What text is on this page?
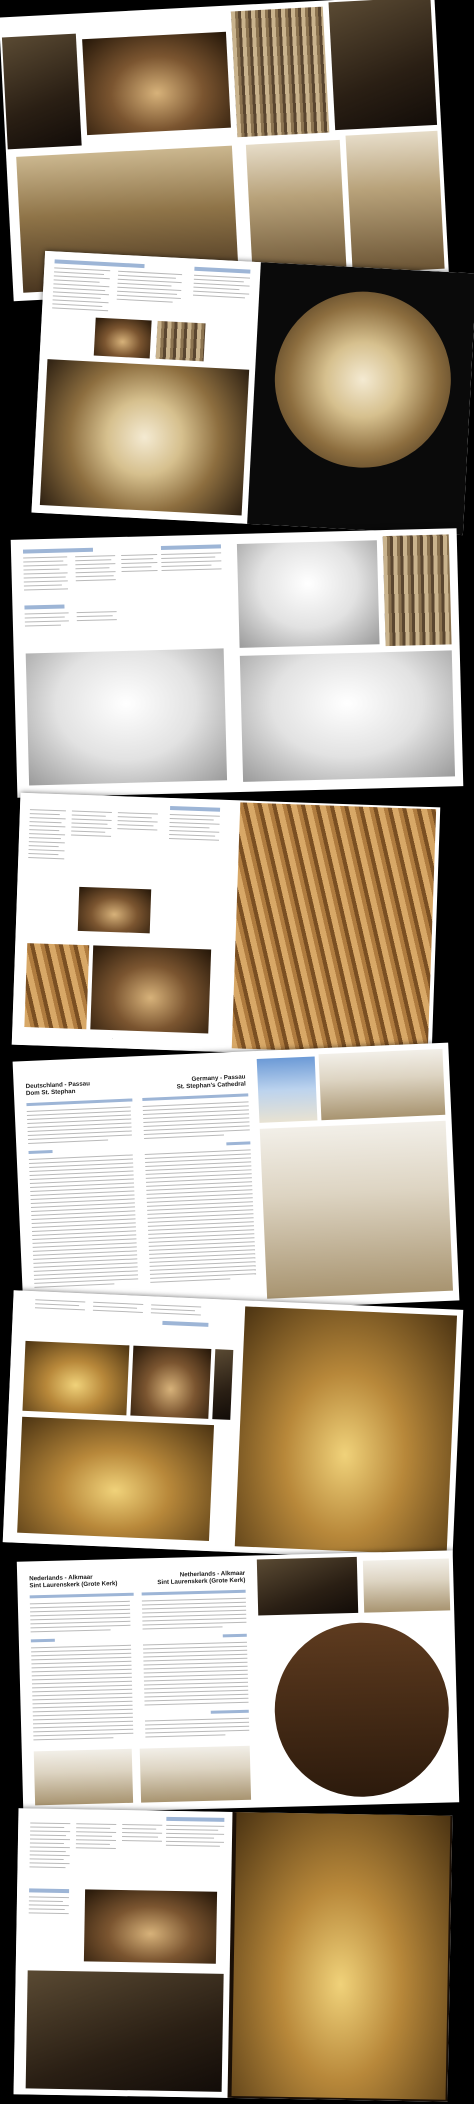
·
Deutschland - Passau
Dom St. Stephan
Germany - Passau
St. Stephan's Cathedral
Nederlands - Alkmaar
Sint Laurenskerk (Grote Kerk)
Netherlands - Alkmaar
Sint Laurenskerk (Grote Kerk)
